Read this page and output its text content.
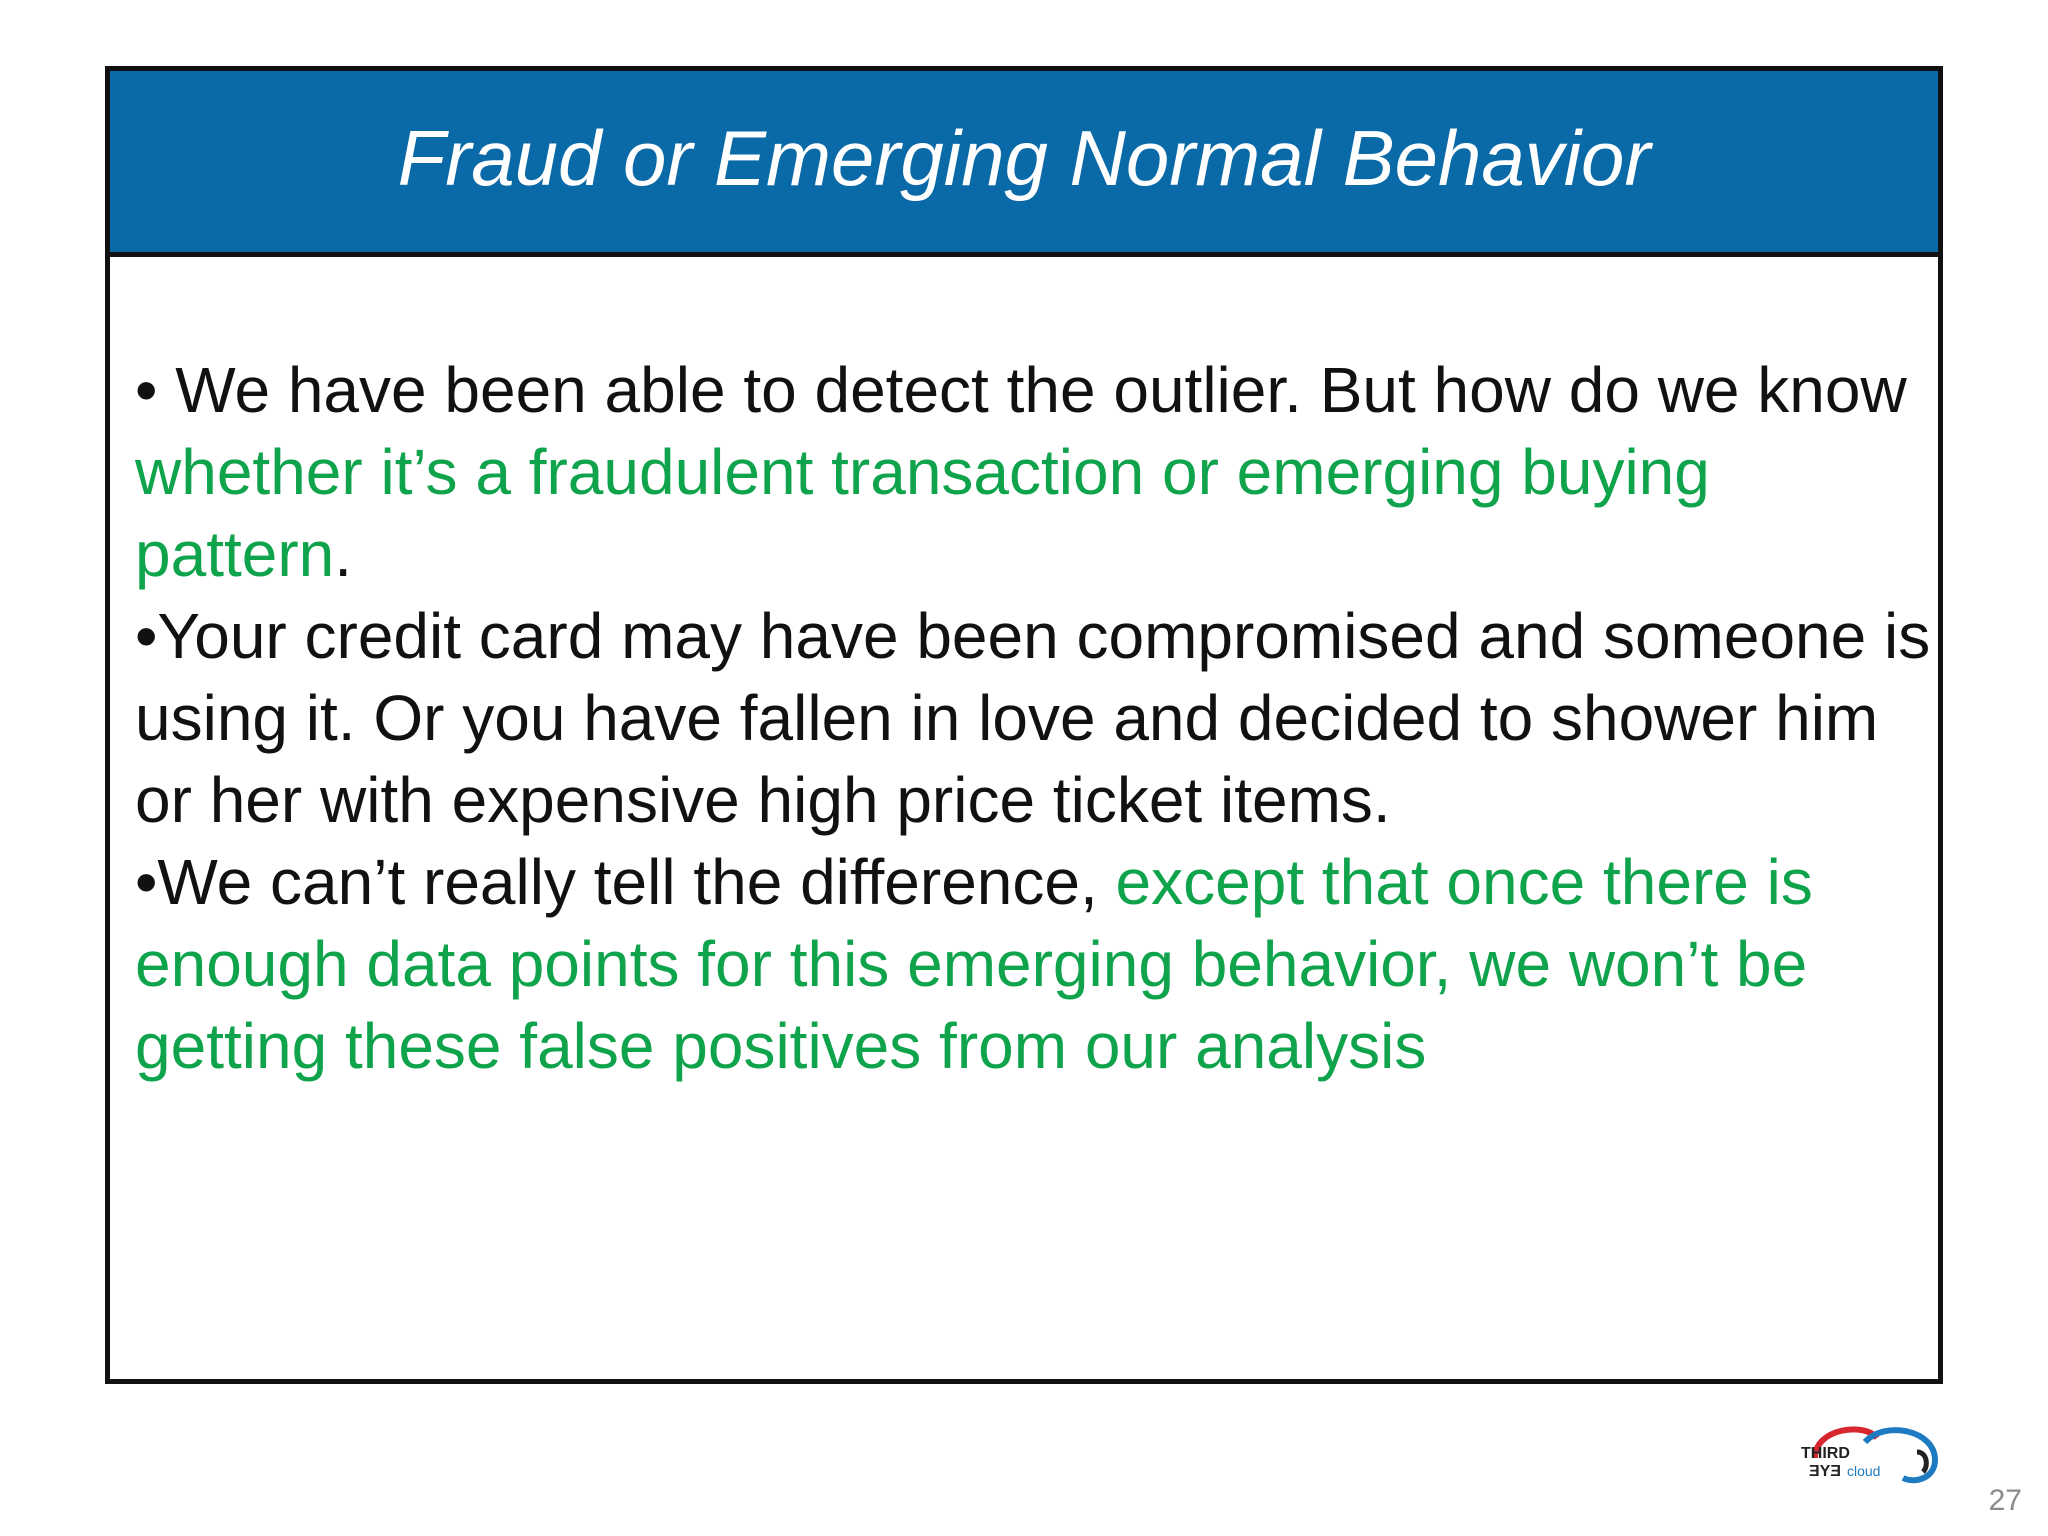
Fraud or Emerging Normal Behavior

• We have been able to detect the outlier. But how do we know whether it’s a fraudulent transaction or emerging buying pattern.

•Your credit card may have been compromised and someone is using it. Or you have fallen in love and decided to shower him or her with expensive high price ticket items.

•We can’t really tell the difference, except that once there is enough data points for this emerging behavior, we won’t be getting these false positives from our analysis

THIRD
EYE cloud
27
